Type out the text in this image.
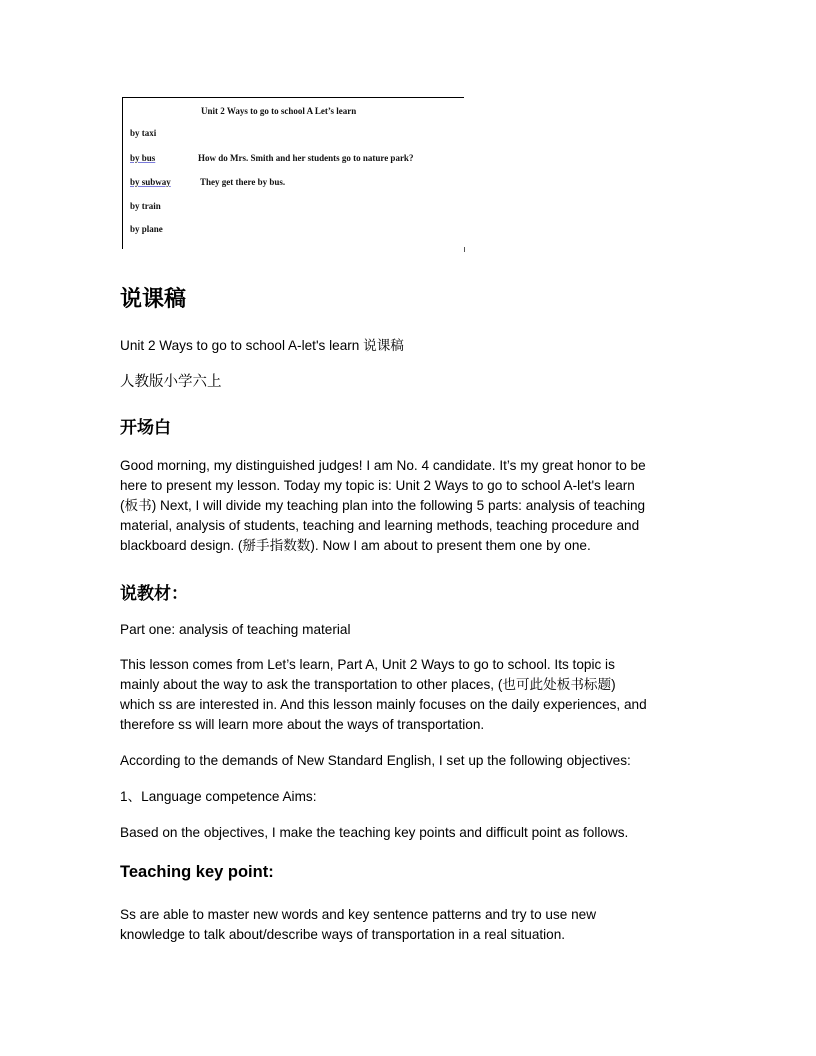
Unit 2 Ways to go to school A Let’s learn
by taxi
by bus	How do Mrs. Smith and her students go to nature park?
by subway	They get there by bus.
by train
by plane
说课稿
Unit 2 Ways to go to school A-let's learn 说课稿
人教版小学六上
开场白
Good morning, my distinguished judges! I am No. 4 candidate. It’s my great honor to be
here to present my lesson. Today my topic is: Unit 2 Ways to go to school A-let's learn
(板书) Next, I will divide my teaching plan into the following 5 parts: analysis of teaching
material, analysis of students, teaching and learning methods, teaching procedure and
blackboard design. (掰手指数数). Now I am about to present them one by one.
说教材：
Part one: analysis of teaching material
This lesson comes from Let’s learn, Part A, Unit 2 Ways to go to school. Its topic is
mainly about the way to ask the transportation to other places, (也可此处板书标题)
which ss are interested in. And this lesson mainly focuses on the daily experiences, and
therefore ss will learn more about the ways of transportation.
According to the demands of New Standard English, I set up the following objectives:
1、Language competence Aims:
Based on the objectives, I make the teaching key points and difficult point as follows.
Teaching key point:
Ss are able to master new words and key sentence patterns and try to use new
knowledge to talk about/describe ways of transportation in a real situation.
